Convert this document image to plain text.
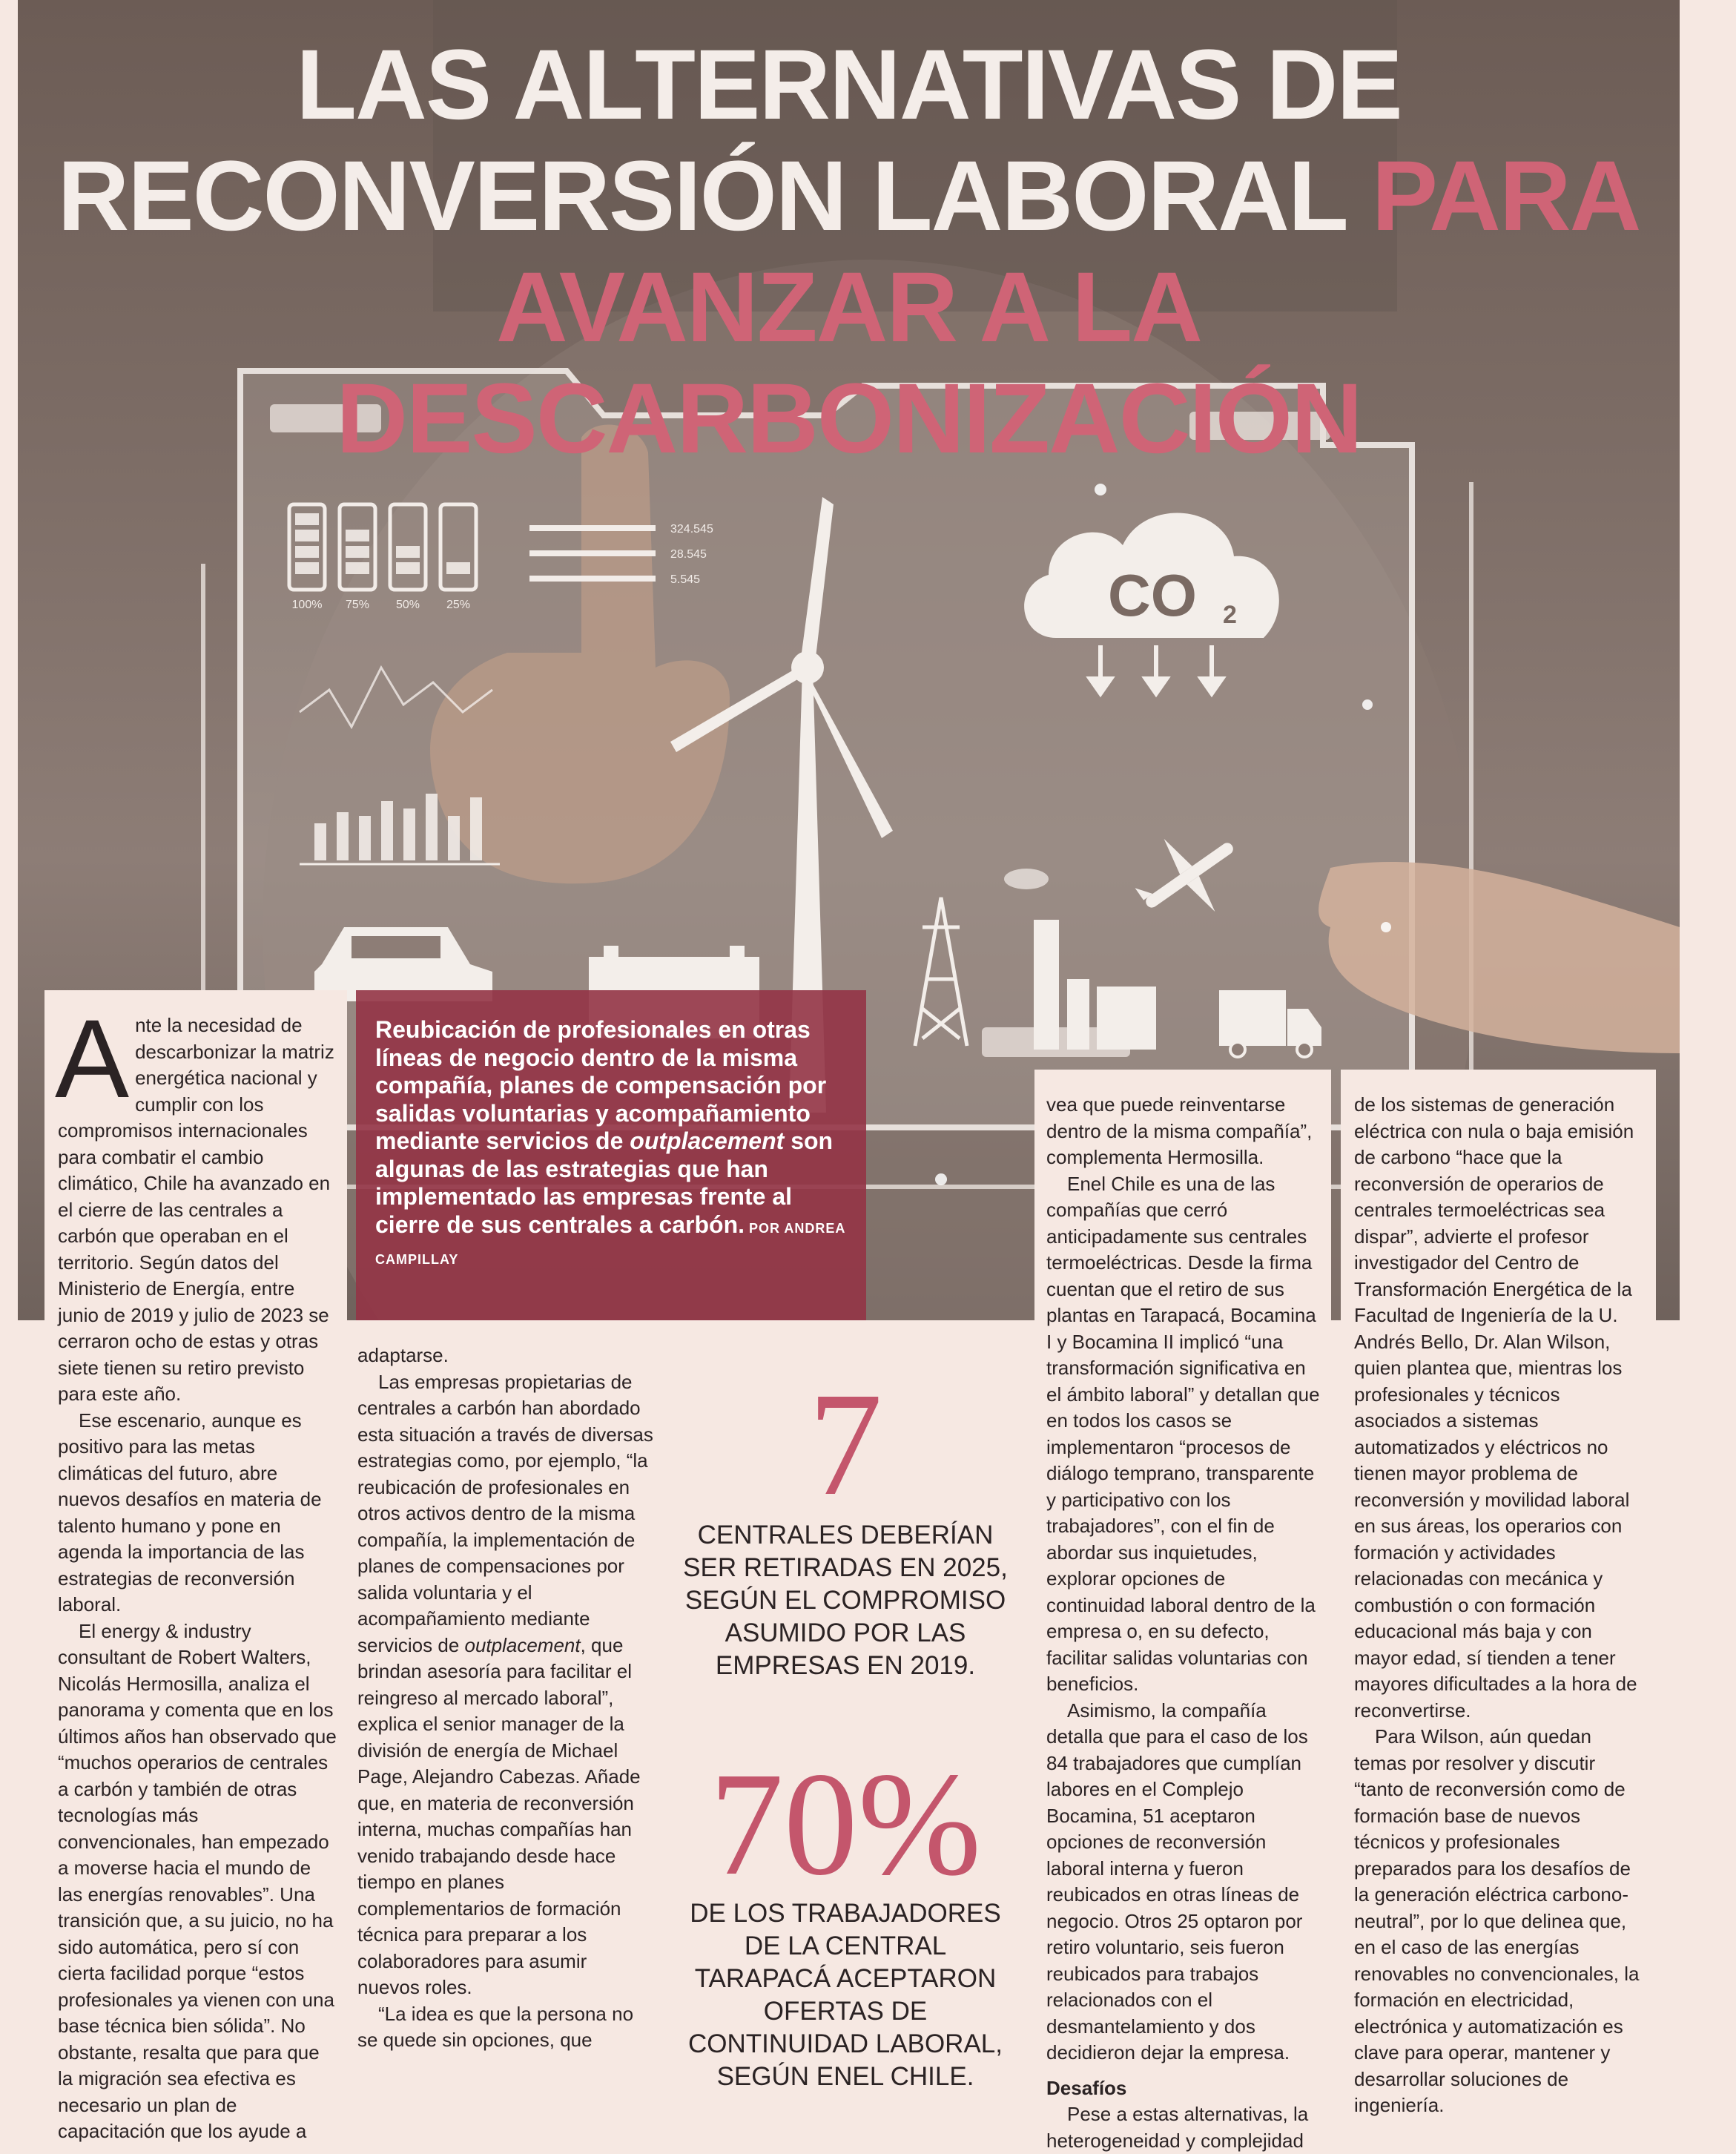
100% 75% 50% 25%
324.545
28.545
5.545	CO 2
LAS ALTERNATIVAS DE
RECONVERSIÓN LABORAL PARA
AVANZAR A LA DESCARBONIZACIÓN

Reubicación de profesionales en otras líneas de negocio dentro de la misma compañía, planes de compensación por salidas voluntarias y acompañamiento mediante servicios de outplacement son algunas de las estrategias que han implementado las empresas frente al cierre de sus centrales a carbón. POR ANDREA CAMPILLAY

Ante la necesidad de descarbonizar la matriz energética nacional y cumplir con los compromisos internacionales para combatir el cambio climático, Chile ha avanzado en el cierre de las centrales a carbón que operaban en el territorio. Según datos del Ministerio de Energía, entre junio de 2019 y julio de 2023 se cerraron ocho de estas y otras siete tienen su retiro previsto para este año.

Ese escenario, aunque es positivo para las metas climáticas del futuro, abre nuevos desafíos en materia de talento humano y pone en agenda la importancia de las estrategias de reconversión laboral.

El energy & industry consultant de Robert Walters, Nicolás Hermosilla, analiza el panorama y comenta que en los últimos años han observado que “muchos operarios de centrales a carbón y también de otras tecnologías más convencionales, han empezado a moverse hacia el mundo de las energías renovables”. Una transición que, a su juicio, no ha sido automática, pero sí con cierta facilidad porque “estos profesionales ya vienen con una base técnica bien sólida”. No obstante, resalta que para que la migración sea efectiva es necesario un plan de capacitación que los ayude a

adaptarse.

Las empresas propietarias de centrales a carbón han abordado esta situación a través de diversas estrategias como, por ejemplo, “la reubicación de profesionales en otros activos dentro de la misma compañía, la implementación de planes de compensaciones por salida voluntaria y el acompañamiento mediante servicios de outplacement, que brindan asesoría para facilitar el reingreso al mercado laboral”, explica el senior manager de la división de energía de Michael Page, Alejandro Cabezas. Añade que, en materia de reconversión interna, muchas compañías han venido trabajando desde hace tiempo en planes complementarios de formación técnica para preparar a los colaboradores para asumir nuevos roles.

“La idea es que la persona no se quede sin opciones, que

7
CENTRALES DEBERÍAN SER RETIRADAS EN 2025, SEGÚN EL COMPROMISO ASUMIDO POR LAS EMPRESAS EN 2019.
70%
DE LOS TRABAJADORES DE LA CENTRAL TARAPACÁ ACEPTARON OFERTAS DE CONTINUIDAD LABORAL, SEGÚN ENEL CHILE.

vea que puede reinventarse dentro de la misma compañía”, complementa Hermosilla.

Enel Chile es una de las compañías que cerró anticipadamente sus centrales termoeléctricas. Desde la firma cuentan que el retiro de sus plantas en Tarapacá, Bocamina I y Bocamina II implicó “una transformación significativa en el ámbito laboral” y detallan que en todos los casos se implementaron “procesos de diálogo temprano, transparente y participativo con los trabajadores”, con el fin de abordar sus inquietudes, explorar opciones de continuidad laboral dentro de la empresa o, en su defecto, facilitar salidas voluntarias con beneficios.

Asimismo, la compañía detalla que para el caso de los 84 trabajadores que cumplían labores en el Complejo Bocamina, 51 aceptaron opciones de reconversión laboral interna y fueron reubicados en otras líneas de negocio. Otros 25 optaron por retiro voluntario, seis fueron reubicados para trabajos relacionados con el desmantelamiento y dos decidieron dejar la empresa.

Desafíos

Pese a estas alternativas, la heterogeneidad y complejidad

de los sistemas de generación eléctrica con nula o baja emisión de carbono “hace que la reconversión de operarios de centrales termoeléctricas sea dispar”, advierte el profesor investigador del Centro de Transformación Energética de la Facultad de Ingeniería de la U. Andrés Bello, Dr. Alan Wilson, quien plantea que, mientras los profesionales y técnicos asociados a sistemas automatizados y eléctricos no tienen mayor problema de reconversión y movilidad laboral en sus áreas, los operarios con formación y actividades relacionadas con mecánica y combustión o con formación educacional más baja y con mayor edad, sí tienden a tener mayores dificultades a la hora de reconvertirse.

Para Wilson, aún quedan temas por resolver y discutir “tanto de reconversión como de formación base de nuevos técnicos y profesionales preparados para los desafíos de la generación eléctrica carbono-neutral”, por lo que delinea que, en el caso de las energías renovables no convencionales, la formación en electricidad, electrónica y automatización es clave para operar, mantener y desarrollar soluciones de ingeniería.
